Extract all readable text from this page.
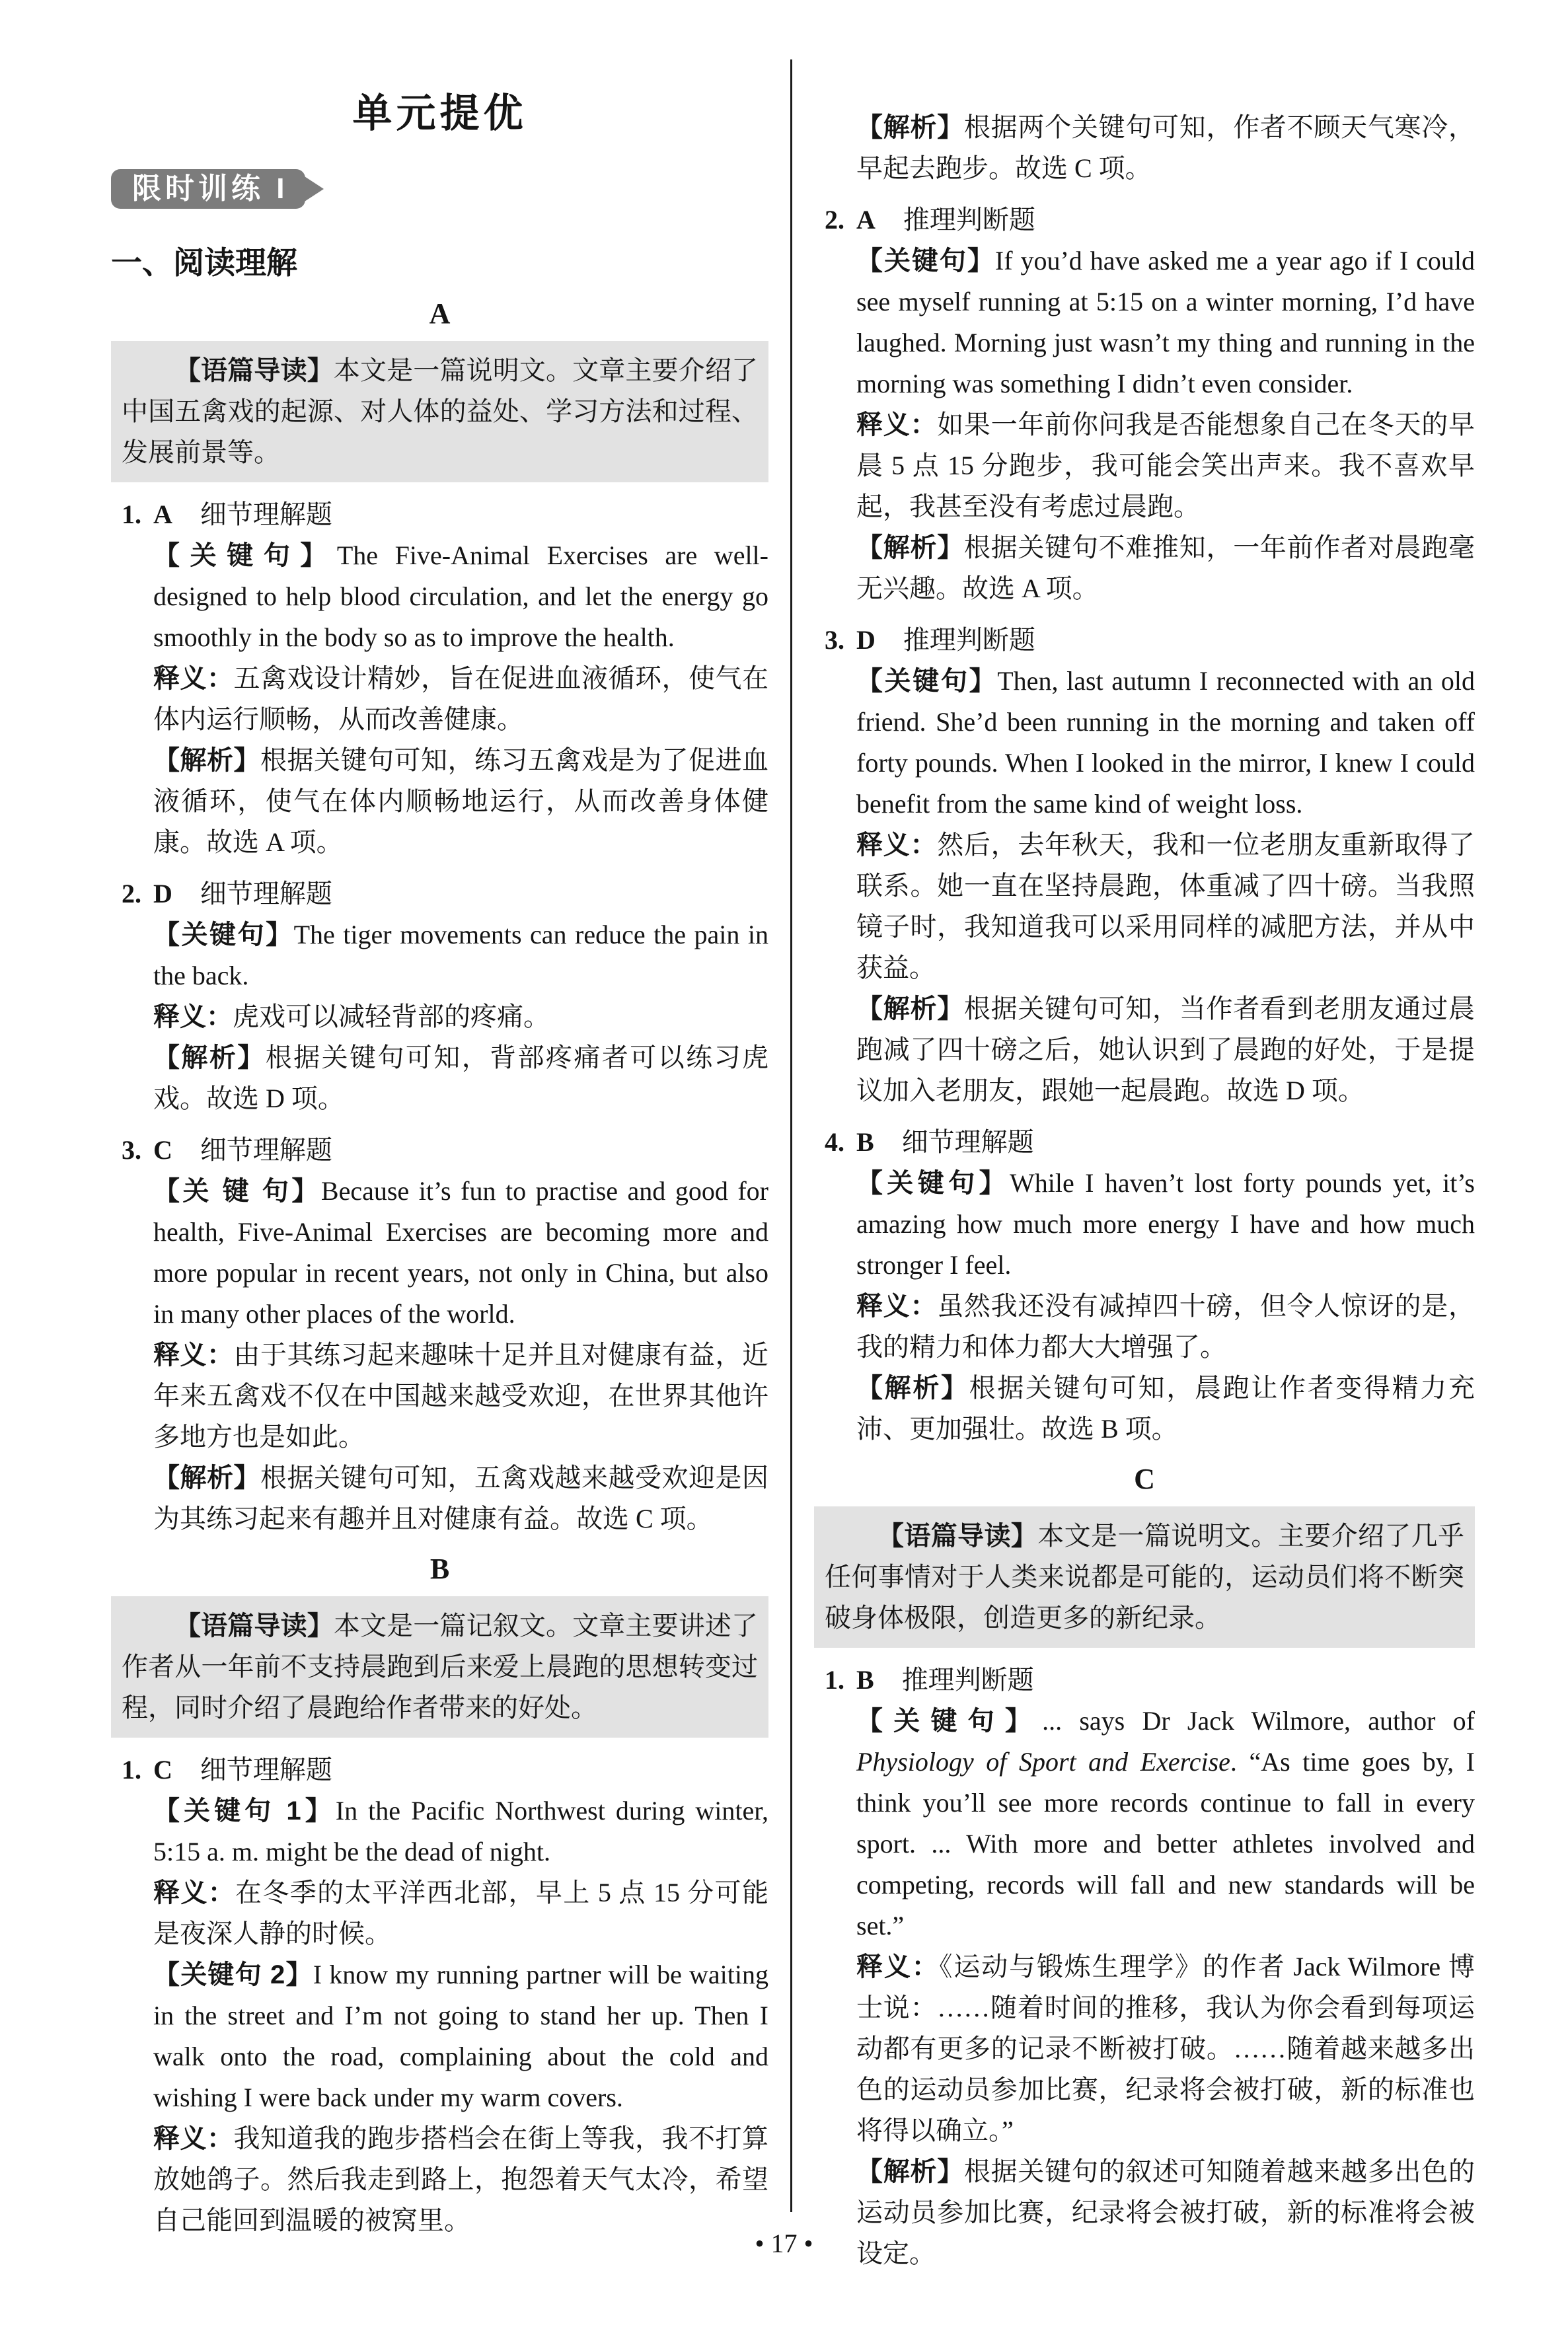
单元提优
限时训练 I
一、阅读理解
A

【语篇导读】本文是一篇说明文。文章主要介绍了中国五禽戏的起源、对人体的益处、学习方法和过程、发展前景等。

1. A 细节理解题
【关键句】The Five-Animal Exercises are well-designed to help blood circulation, and let the energy go smoothly in the body so as to improve the health.
释义：五禽戏设计精妙，旨在促进血液循环，使气在体内运行顺畅，从而改善健康。
【解析】根据关键句可知，练习五禽戏是为了促进血液循环，使气在体内顺畅地运行，从而改善身体健康。故选 A 项。
2. D 细节理解题
【关键句】The tiger movements can reduce the pain in the back.
释义：虎戏可以减轻背部的疼痛。
【解析】根据关键句可知，背部疼痛者可以练习虎戏。故选 D 项。
3. C 细节理解题
【关 键 句】Because it’s fun to practise and good for health, Five-Animal Exercises are becoming more and more popular in recent years, not only in China, but also in many other places of the world.
释义：由于其练习起来趣味十足并且对健康有益，近年来五禽戏不仅在中国越来越受欢迎，在世界其他许多地方也是如此。
【解析】根据关键句可知，五禽戏越来越受欢迎是因为其练习起来有趣并且对健康有益。故选 C 项。
B

【语篇导读】本文是一篇记叙文。文章主要讲述了作者从一年前不支持晨跑到后来爱上晨跑的思想转变过程，同时介绍了晨跑给作者带来的好处。

1. C 细节理解题
【关键句 1】In the Pacific Northwest during winter, 5:15 a. m. might be the dead of night.
释义：在冬季的太平洋西北部，早上 5 点 15 分可能是夜深人静的时候。
【关键句 2】I know my running partner will be waiting in the street and I’m not going to stand her up. Then I walk onto the road, complaining about the cold and wishing I were back under my warm covers.
释义：我知道我的跑步搭档会在街上等我，我不打算放她鸽子。然后我走到路上，抱怨着天气太冷，希望自己能回到温暖的被窝里。
【解析】根据两个关键句可知，作者不顾天气寒冷，早起去跑步。故选 C 项。
2. A 推理判断题
【关键句】If you’d have asked me a year ago if I could see myself running at 5:15 on a winter morning, I’d have laughed. Morning just wasn’t my thing and running in the morning was something I didn’t even consider.
释义：如果一年前你问我是否能想象自己在冬天的早晨 5 点 15 分跑步，我可能会笑出声来。我不喜欢早起，我甚至没有考虑过晨跑。
【解析】根据关键句不难推知，一年前作者对晨跑毫无兴趣。故选 A 项。
3. D 推理判断题
【关键句】Then, last autumn I reconnected with an old friend. She’d been running in the morning and taken off forty pounds. When I looked in the mirror, I knew I could benefit from the same kind of weight loss.
释义：然后，去年秋天，我和一位老朋友重新取得了联系。她一直在坚持晨跑，体重减了四十磅。当我照镜子时，我知道我可以采用同样的减肥方法，并从中获益。
【解析】根据关键句可知，当作者看到老朋友通过晨跑减了四十磅之后，她认识到了晨跑的好处，于是提议加入老朋友，跟她一起晨跑。故选 D 项。
4. B 细节理解题
【关键句】While I haven’t lost forty pounds yet, it’s amazing how much more energy I have and how much stronger I feel.
释义：虽然我还没有减掉四十磅，但令人惊讶的是，我的精力和体力都大大增强了。
【解析】根据关键句可知，晨跑让作者变得精力充沛、更加强壮。故选 B 项。
C

【语篇导读】本文是一篇说明文。主要介绍了几乎任何事情对于人类来说都是可能的，运动员们将不断突破身体极限，创造更多的新纪录。

1. B 推理判断题
【关键句】... says Dr Jack Wilmore, author of Physiology of Sport and Exercise. “As time goes by, I think you’ll see more records continue to fall in every sport. ... With more and better athletes involved and competing, records will fall and new standards will be set.”
释义：《运动与锻炼生理学》的作者 Jack Wilmore 博士说：……随着时间的推移，我认为你会看到每项运动都有更多的记录不断被打破。……随着越来越多出色的运动员参加比赛，纪录将会被打破，新的标准也将得以确立。”
【解析】根据关键句的叙述可知随着越来越多出色的运动员参加比赛，纪录将会被打破，新的标准将会被设定。
• 17 •
